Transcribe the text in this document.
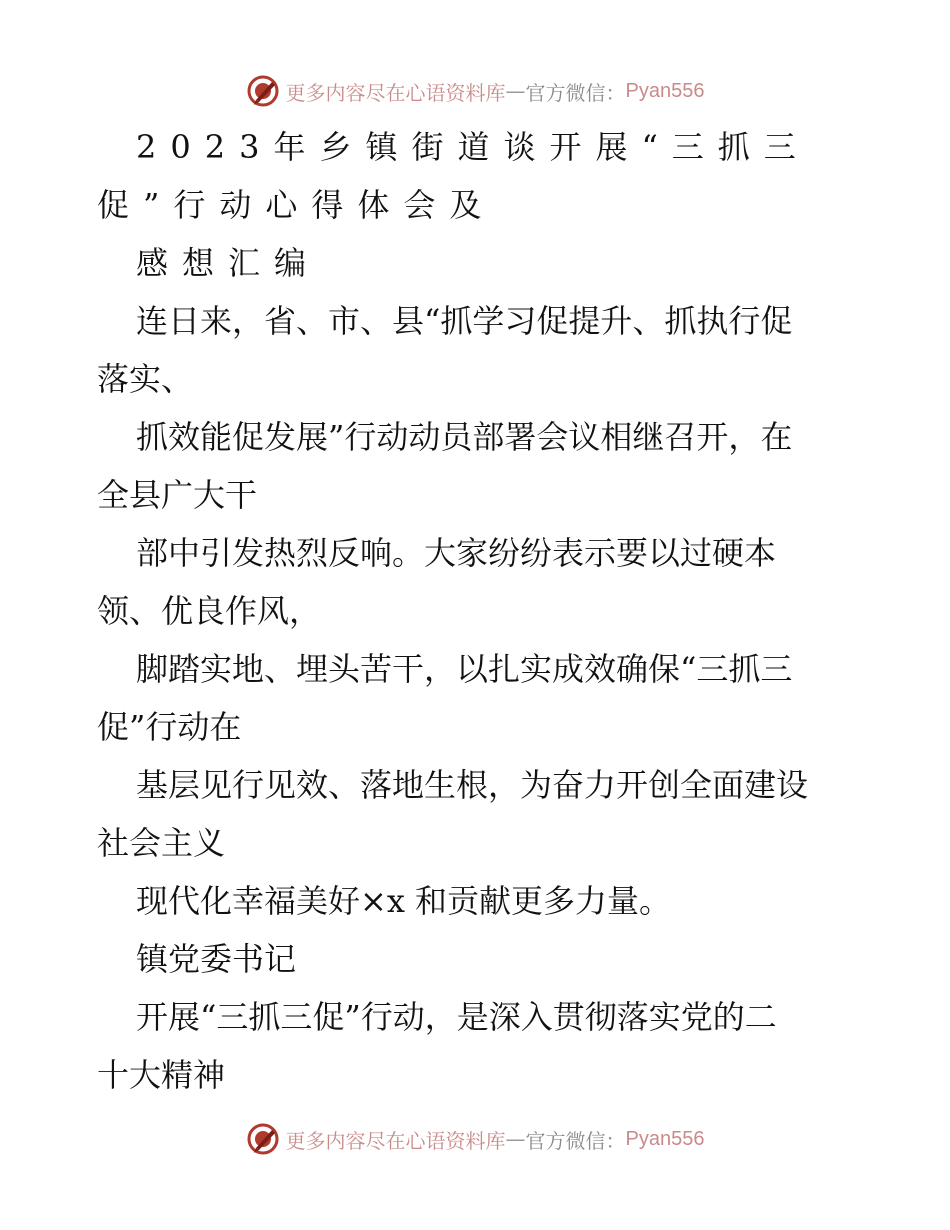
更多内容尽在心语资料库 — 官方微信： Pyan556
2023年乡镇街道谈开展“三抓三
促”行动心得体会及
感想汇编
连日来，省、市、县“抓学习促提升、抓执行促
落实、
抓效能促发展”行动动员部署会议相继召开，在
全县广大干
部中引发热烈反响。大家纷纷表示要以过硬本
领、优良作风，
脚踏实地、埋头苦干，以扎实成效确保“三抓三
促”行动在
基层见行见效、落地生根，为奋力开创全面建设
社会主义
现代化幸福美好×x 和贡献更多力量。
镇党委书记
开展“三抓三促”行动，是深入贯彻落实党的二
十大精神
更多内容尽在心语资料库 — 官方微信： Pyan556
